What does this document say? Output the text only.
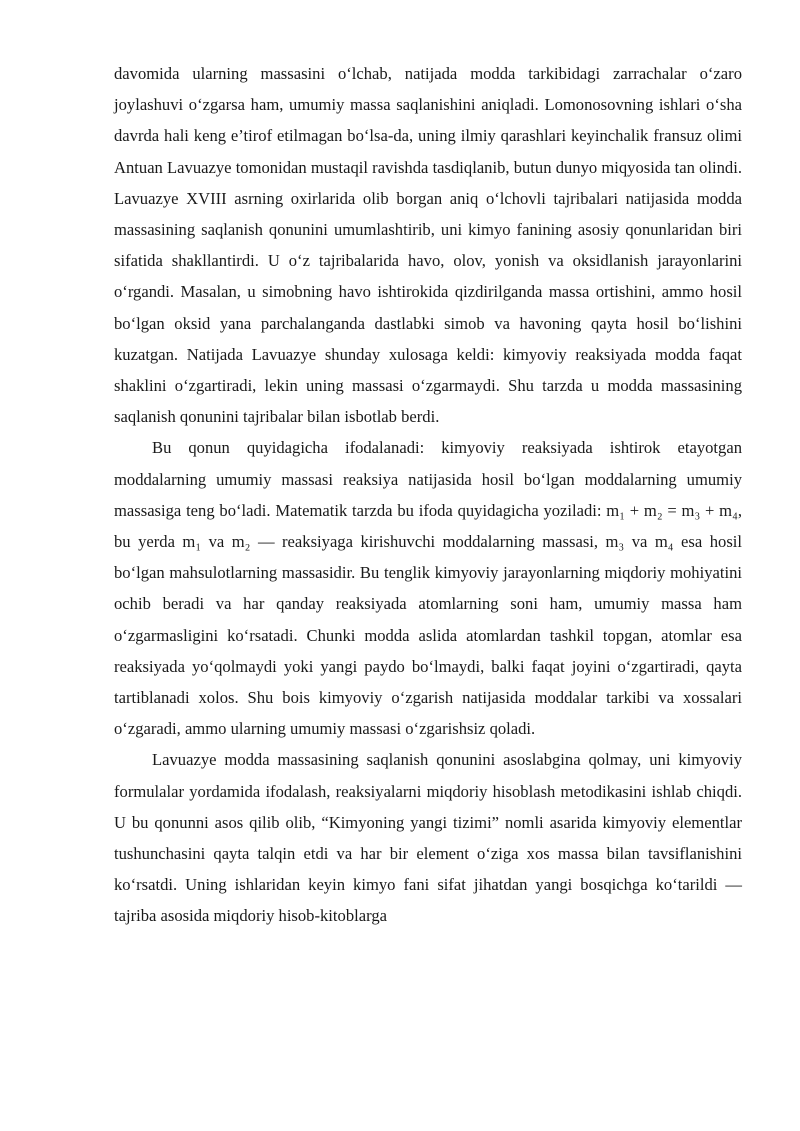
davomida ularning massasini o‘lchab, natijada modda tarkibidagi zarrachalar o‘zaro joylashuvi o‘zgarsa ham, umumiy massa saqlanishini aniqladi. Lomonosovning ishlari o‘sha davrda hali keng e’tirof etilmagan bo‘lsa-da, uning ilmiy qarashlari keyinchalik fransuz olimi Antuan Lavuazye tomonidan mustaqil ravishda tasdiqlanib, butun dunyo miqyosida tan olindi. Lavuazye XVIII asrning oxirlarida olib borgan aniq o‘lchovli tajribalari natijasida modda massasining saqlanish qonunini umumlashtirib, uni kimyo fanining asosiy qonunlaridan biri sifatida shakllantirdi. U o‘z tajribalarida havo, olov, yonish va oksidlanish jarayonlarini o‘rgandi. Masalan, u simobning havo ishtirokida qizdirilganda massa ortishini, ammo hosil bo‘lgan oksid yana parchalanganda dastlabki simob va havoning qayta hosil bo‘lishini kuzatgan. Natijada Lavuazye shunday xulosaga keldi: kimyoviy reaksiyada modda faqat shaklini o‘zgartiradi, lekin uning massasi o‘zgarmaydi. Shu tarzda u modda massasining saqlanish qonunini tajribalar bilan isbotlab berdi.

Bu qonun quyidagicha ifodalanadi: kimyoviy reaksiyada ishtirok etayotgan moddalarning umumiy massasi reaksiya natijasida hosil bo‘lgan moddalarning umumiy massasiga teng bo‘ladi. Matematik tarzda bu ifoda quyidagicha yoziladi: m₁ + m₂ = m₃ + m₄, bu yerda m₁ va m₂ — reaksiyaga kirishuvchi moddalarning massasi, m₃ va m₄ esa hosil bo‘lgan mahsulotlarning massasidir. Bu tenglik kimyoviy jarayonlarning miqdoriy mohiyatini ochib beradi va har qanday reaksiyada atomlarning soni ham, umumiy massa ham o‘zgarmasligini ko‘rsatadi. Chunki modda aslida atomlardan tashkil topgan, atomlar esa reaksiyada yo‘qolmaydi yoki yangi paydo bo‘lmaydi, balki faqat joyini o‘zgartiradi, qayta tartiblanadi xolos. Shu bois kimyoviy o‘zgarish natijasida moddalar tarkibi va xossalari o‘zgaradi, ammo ularning umumiy massasi o‘zgarishsiz qoladi.

Lavuazye modda massasining saqlanish qonunini asoslabgina qolmay, uni kimyoviy formulalar yordamida ifodalash, reaksiyalarni miqdoriy hisoblash metodikasini ishlab chiqdi. U bu qonunni asos qilib olib, “Kimyoning yangi tizimi” nomli asarida kimyoviy elementlar tushunchasini qayta talqin etdi va har bir element o‘ziga xos massa bilan tavsiflanishini ko‘rsatdi. Uning ishlaridan keyin kimyo fani sifat jihatdan yangi bosqichga ko‘tarildi — tajriba asosida miqdoriy hisob-kitoblarga
